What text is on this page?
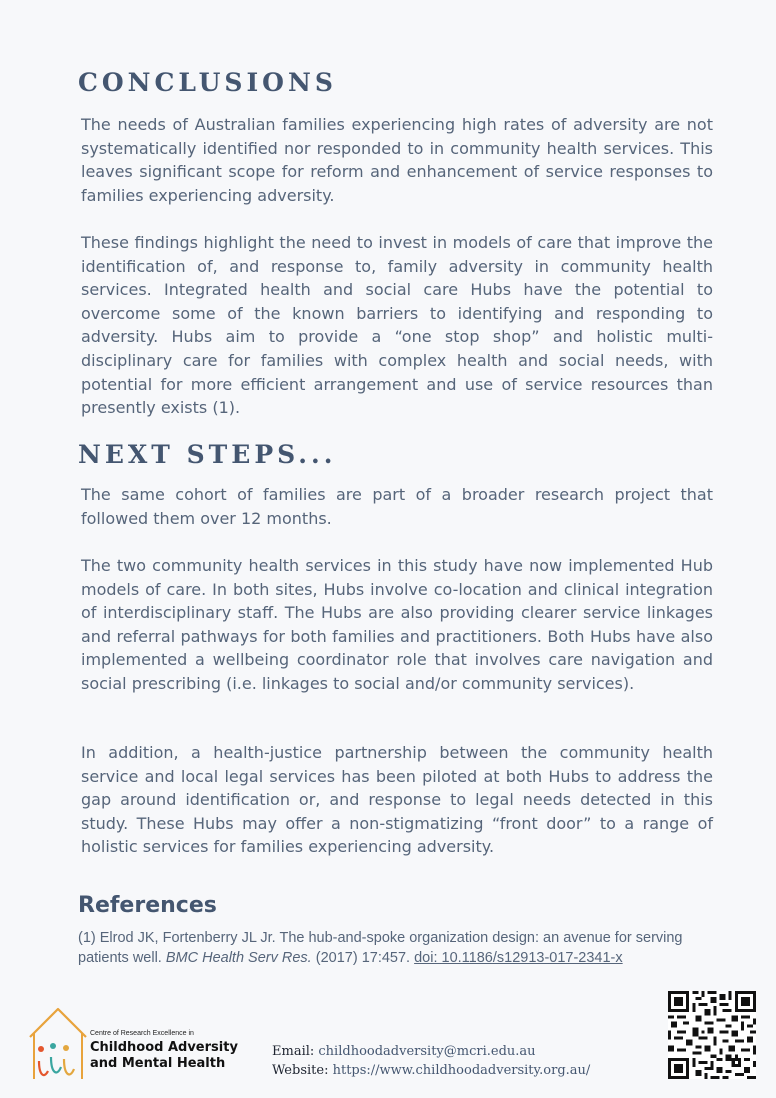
CONCLUSIONS

The needs of Australian families experiencing high rates of adversity are not systematically identified nor responded to in community health services. This leaves significant scope for reform and enhancement of service responses to families experiencing adversity.

These findings highlight the need to invest in models of care that improve the identification of, and response to, family adversity in community health services. Integrated health and social care Hubs have the potential to overcome some of the known barriers to identifying and responding to adversity. Hubs aim to provide a “one stop shop” and holistic multi-disciplinary care for families with complex health and social needs, with potential for more efficient arrangement and use of service resources than presently exists (1).

NEXT STEPS...

The same cohort of families are part of a broader research project that followed them over 12 months.

The two community health services in this study have now implemented Hub models of care. In both sites, Hubs involve co-location and clinical integration of interdisciplinary staff. The Hubs are also providing clearer service linkages and referral pathways for both families and practitioners. Both Hubs have also implemented a wellbeing coordinator role that involves care navigation and social prescribing (i.e. linkages to social and/or community services).

In addition, a health-justice partnership between the community health service and local legal services has been piloted at both Hubs to address the gap around identification or, and response to legal needs detected in this study. These Hubs may offer a non-stigmatizing “front door” to a range of holistic services for families experiencing adversity.

References

(1) Elrod JK, Fortenberry JL Jr. The hub-and-spoke organization design: an avenue for serving patients well. BMC Health Serv Res. (2017) 17:457. doi: 10.1186/s12913-017-2341-x

Centre of Research Excellence in

Childhood Adversity

and Mental Health

Email: childhoodadversity@mcri.edu.au
Website: https://www.childhoodadversity.org.au/
